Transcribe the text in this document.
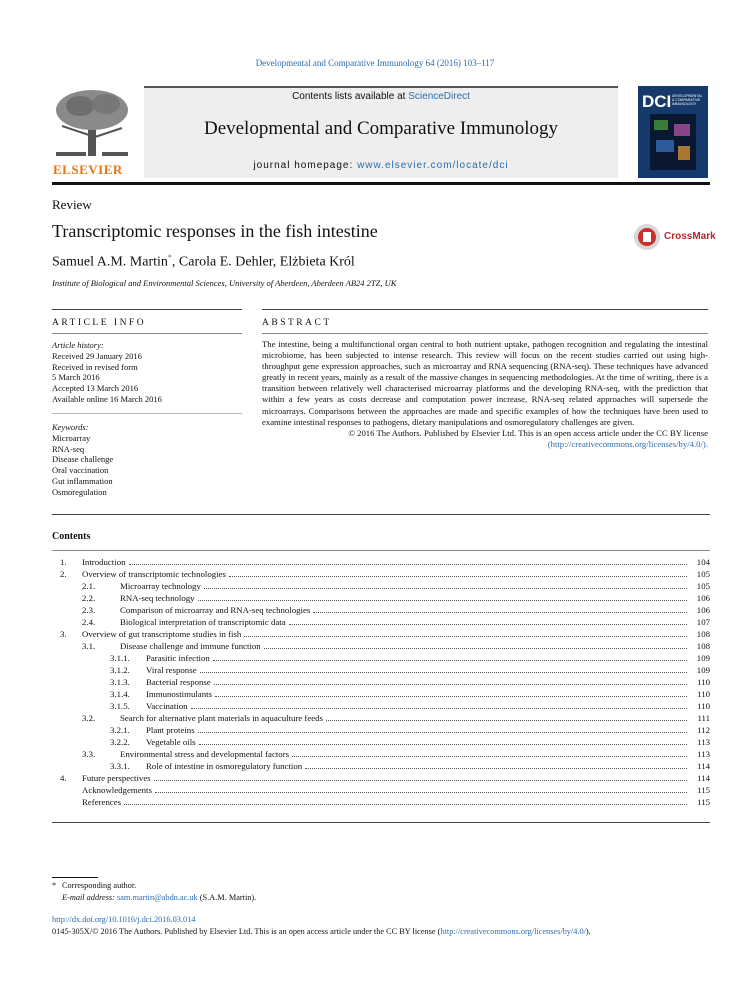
Developmental and Comparative Immunology 64 (2016) 103–117
ELSEVIER
Contents lists available at ScienceDirect
Developmental and Comparative Immunology
journal homepage: www.elsevier.com/locate/dci
DCI DEVELOPMENTAL & COMPARATIVE IMMUNOLOGY
Review
Transcriptomic responses in the fish intestine	CrossMark
Samuel A.M. Martin*, Carola E. Dehler, Elżbieta Król
Institute of Biological and Environmental Sciences, University of Aberdeen, Aberdeen AB24 2TZ, UK
ARTICLE INFO	ABSTRACT
Article history:
Received 29 January 2016
Received in revised form
5 March 2016
Accepted 13 March 2016
Available online 16 March 2016
Keywords:
Microarray
RNA-seq
Disease challenge
Oral vaccination
Gut inflammation
Osmoregulation

The intestine, being a multifunctional organ central to both nutrient uptake, pathogen recognition and regulating the intestinal microbiome, has been subjected to intense research. This review will focus on the recent studies carried out using high-throughput gene expression approaches, such as microarray and RNA sequencing (RNA-seq). These techniques have advanced greatly in recent years, mainly as a result of the massive changes in sequencing methodologies. At the time of writing, there is a transition between relatively well characterised microarray platforms and the developing RNA-seq, with the prediction that within a few years as costs decrease and computation power increase, RNA-seq related approaches will supersede the microarrays. Comparisons between the approaches are made and specific examples of how the techniques have been used to examine intestinal responses to pathogens, dietary manipulations and osmoregulatory challenges are given.

© 2016 The Authors. Published by Elsevier Ltd. This is an open access article under the CC BY license (http://creativecommons.org/licenses/by/4.0/).

Contents
1.	Introduction	104
2.	Overview of transcriptomic technologies	105
2.1.	Microarray technology	105
2.2.	RNA-seq technology	106
2.3.	Comparison of microarray and RNA-seq technologies	106
2.4.	Biological interpretation of transcriptomic data	107
3.	Overview of gut transcriptome studies in fish	108
3.1.	Disease challenge and immune function	108
3.1.1.	Parasitic infection	109
3.1.2.	Viral response	109
3.1.3.	Bacterial response	110
3.1.4.	Immunostimulants	110
3.1.5.	Vaccination	110
3.2.	Search for alternative plant materials in aquaculture feeds	111
3.2.1.	Plant proteins	112
3.2.2.	Vegetable oils	113
3.3.	Environmental stress and developmental factors	113
3.3.1.	Role of intestine in osmoregulatory function	114
4.	Future perspectives	114
Acknowledgements	115
References	115
* Corresponding author.
E-mail address: sam.martin@abdn.ac.uk (S.A.M. Martin).
http://dx.doi.org/10.1016/j.dci.2016.03.014
0145-305X/© 2016 The Authors. Published by Elsevier Ltd. This is an open access article under the CC BY license (http://creativecommons.org/licenses/by/4.0/).
